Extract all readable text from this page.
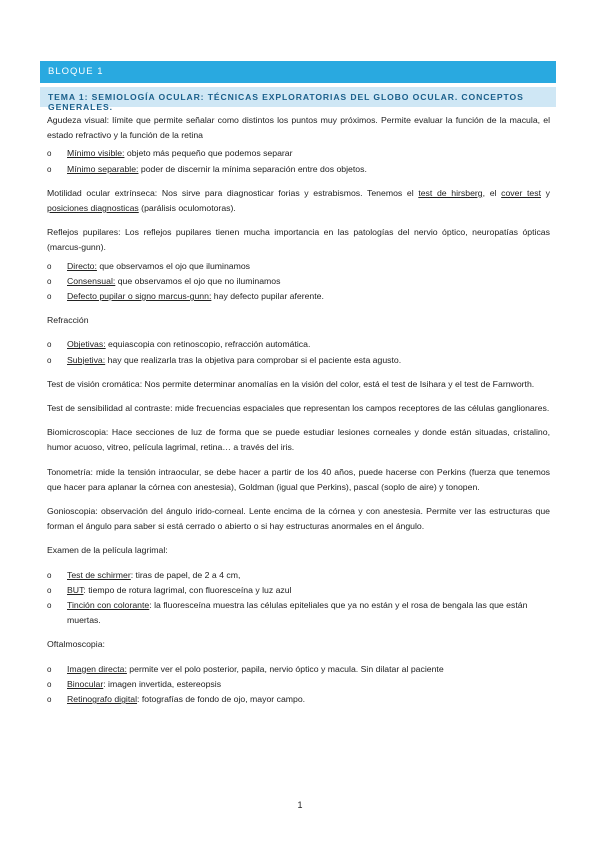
BLOQUE 1
TEMA 1: SEMIOLOGÍA OCULAR: TÉCNICAS EXPLORATORIAS DEL GLOBO OCULAR. CONCEPTOS GENERALES.

Agudeza visual: límite que permite señalar como distintos los puntos muy próximos. Permite evaluar la función de la macula, el estado refractivo y la función de la retina

o Mínimo visible: objeto más pequeño que podemos separar
o Mínimo separable: poder de discernir la mínima separación entre dos objetos.

Motilidad ocular extrínseca: Nos sirve para diagnosticar forias y estrabismos. Tenemos el test de hirsberg, el cover test y posiciones diagnosticas (parálisis oculomotoras).

Reflejos pupilares: Los reflejos pupilares tienen mucha importancia en las patologías del nervio óptico, neuropatías ópticas (marcus-gunn).

o Directo: que observamos el ojo que iluminamos
o Consensual: que observamos el ojo que no iluminamos
o Defecto pupilar o signo marcus-gunn: hay defecto pupilar aferente.

Refracción

o Objetivas: equiascopia con retinoscopio, refracción automática.
o Subjetiva: hay que realizarla tras la objetiva para comprobar si el paciente esta agusto.

Test de visión cromática: Nos permite determinar anomalías en la visión del color, está el test de Isihara y el test de Farnworth.

Test de sensibilidad al contraste: mide frecuencias espaciales que representan los campos receptores de las células ganglionares.

Biomicroscopia: Hace secciones de luz de forma que se puede estudiar lesiones corneales y donde están situadas, cristalino, humor acuoso, vitreo, película lagrimal, retina… a través del iris.

Tonometría: mide la tensión intraocular, se debe hacer a partir de los 40 años, puede hacerse con Perkins (fuerza que tenemos que hacer para aplanar la córnea con anestesia), Goldman (igual que Perkins), pascal (soplo de aire) y tonopen.

Gonioscopia: observación del ángulo irido-corneal. Lente encima de la córnea y con anestesia. Permite ver las estructuras que forman el ángulo para saber si está cerrado o abierto o si hay estructuras anormales en el ángulo.

Examen de la película lagrimal:

o Test de schirmer: tiras de papel, de 2 a 4 cm,
o BUT: tiempo de rotura lagrimal, con fluoresceína y luz azul
o Tinción con colorante: la fluoresceína muestra las células epiteliales que ya no están y el rosa de bengala las que están muertas.

Oftalmoscopia:

o Imagen directa: permite ver el polo posterior, papila, nervio óptico y macula. Sin dilatar al paciente
o Binocular: imagen invertida, estereopsis
o Retinografo digital: fotografías de fondo de ojo, mayor campo.
1
